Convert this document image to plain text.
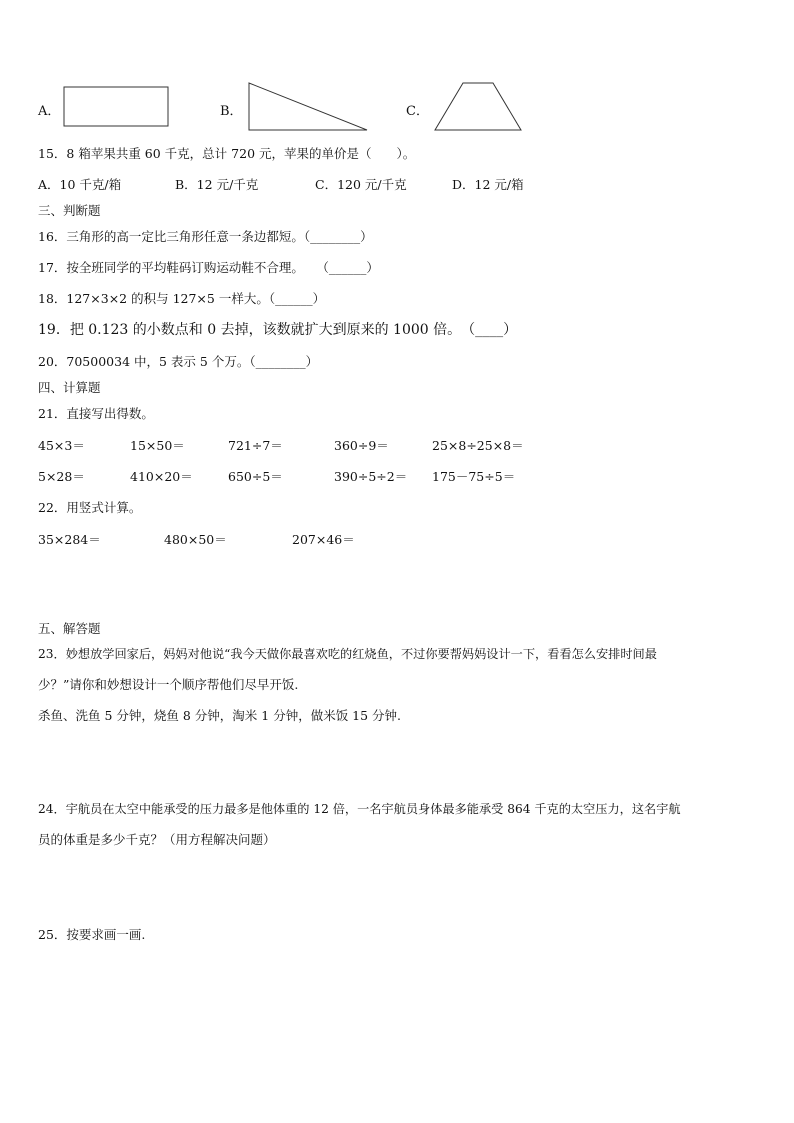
A．	B．	C．
15．8 箱苹果共重 60 千克，总计 720 元，苹果的单价是（　　）。
A．10 千克/箱	B．12 元/千克	C．120 元/千克	D．12 元/箱
三、判断题
16．三角形的高一定比三角形任意一条边都短。（________）
17．按全班同学的平均鞋码订购运动鞋不合理。　　（______）
18．127×3×2 的积与 127×5 一样大。（______）
19．把 0.123 的小数点和 0 去掉，该数就扩大到原来的 1000 倍。　（____）
20．70500034 中，5 表示 5 个万。（________）
四、计算题
21．直接写出得数。
45×3＝	15×50＝	721÷7＝	360÷9＝	25×8÷25×8＝
5×28＝	410×20＝	650÷5＝	390÷5÷2＝ 175－75÷5＝
22．用竖式计算。
35×284＝	480×50＝	207×46＝
五、解答题
23．妙想放学回家后，妈妈对他说“我今天做你最喜欢吃的红烧鱼，不过你要帮妈妈设计一下，看看怎么安排时间最
少？”请你和妙想设计一个顺序帮他们尽早开饭.
杀鱼、洗鱼 5 分钟，烧鱼 8 分钟，淘米 1 分钟，做米饭 15 分钟.
24．宇航员在太空中能承受的压力最多是他体重的 12 倍，一名宇航员身体最多能承受 864 千克的太空压力，这名宇航
员的体重是多少千克？（用方程解决问题）
25．按要求画一画.
